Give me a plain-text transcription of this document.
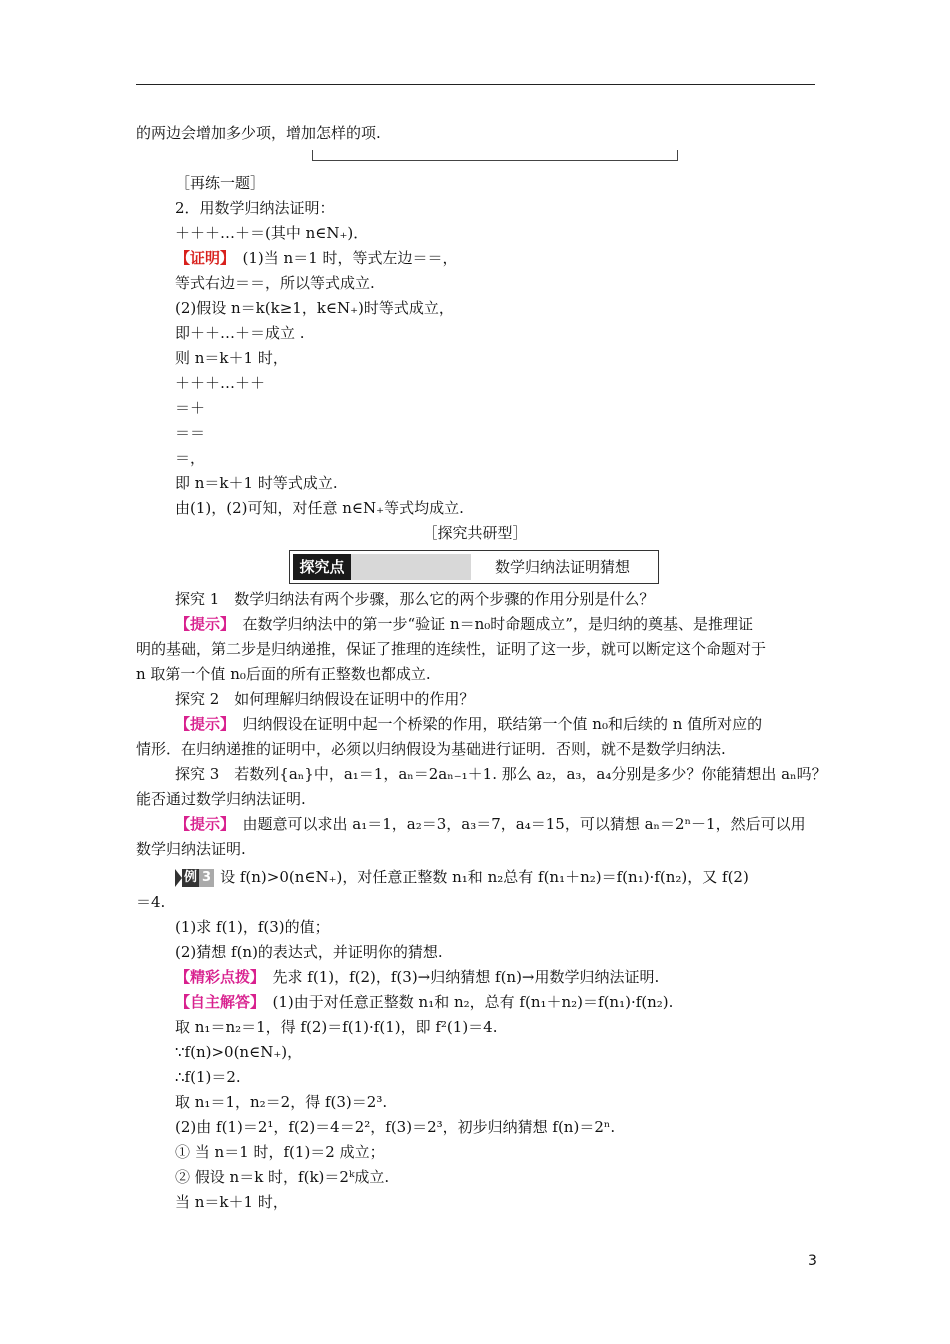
的两边会增加多少项，增加怎样的项.
［再练一题］
2．用数学归纳法证明：
＋＋＋…＋＝(其中 n∈N₊)．
【证明】　(1)当 n＝1 时，等式左边＝＝，
等式右边＝＝，所以等式成立.
(2)假设 n＝k(k≥1，k∈N₊)时等式成立，
即＋＋…＋＝成立 .
则 n＝k＋1 时，
＋＋＋…＋＋
＝＋
＝＝
＝，
即 n＝k＋1 时等式成立.
由(1)，(2)可知，对任意 n∈N₊等式均成立.
［探究共研型］
探究点	数学归纳法证明猜想
探究 1　数学归纳法有两个步骤，那么它的两个步骤的作用分别是什么？
【提示】　在数学归纳法中的第一步“验证 n＝n₀时命题成立”，是归纳的奠基、是推理证
明的基础，第二步是归纳递推，保证了推理的连续性，证明了这一步，就可以断定这个命题对于
n 取第一个值 n₀后面的所有正整数也都成立.
探究 2　如何理解归纳假设在证明中的作用？
【提示】　归纳假设在证明中起一个桥梁的作用，联结第一个值 n₀和后续的 n 值所对应的
情形．在归纳递推的证明中，必须以归纳假设为基础进行证明．否则，就不是数学归纳法.
探究 3　若数列{aₙ}中，a₁＝1，aₙ＝2aₙ₋₁＋1. 那么 a₂，a₃，a₄分别是多少？你能猜想出 aₙ吗？
能否通过数学归纳法证明.
【提示】　由题意可以求出 a₁＝1，a₂＝3，a₃＝7，a₄＝15，可以猜想 aₙ＝2ⁿ－1，然后可以用
数学归纳法证明.
例 3 设 f(n)>0(n∈N₊)，对任意正整数 n₁和 n₂总有 f(n₁＋n₂)＝f(n₁)·f(n₂)，又 f(2)
＝4.
(1)求 f(1)，f(3)的值；
(2)猜想 f(n)的表达式，并证明你的猜想.
【精彩点拨】　先求 f(1)，f(2)，f(3)→归纳猜想 f(n)→用数学归纳法证明.
【自主解答】　(1)由于对任意正整数 n₁和 n₂，总有 f(n₁＋n₂)＝f(n₁)·f(n₂).
取 n₁＝n₂＝1，得 f(2)＝f(1)·f(1)，即 f²(1)＝4.
∵f(n)>0(n∈N₊)，
∴f(1)＝2.
取 n₁＝1，n₂＝2，得 f(3)＝2³.
(2)由 f(1)＝2¹，f(2)＝4＝2²，f(3)＝2³，初步归纳猜想 f(n)＝2ⁿ.
① 当 n＝1 时，f(1)＝2 成立；
② 假设 n＝k 时，f(k)＝2ᵏ成立.
当 n＝k＋1 时，
3
